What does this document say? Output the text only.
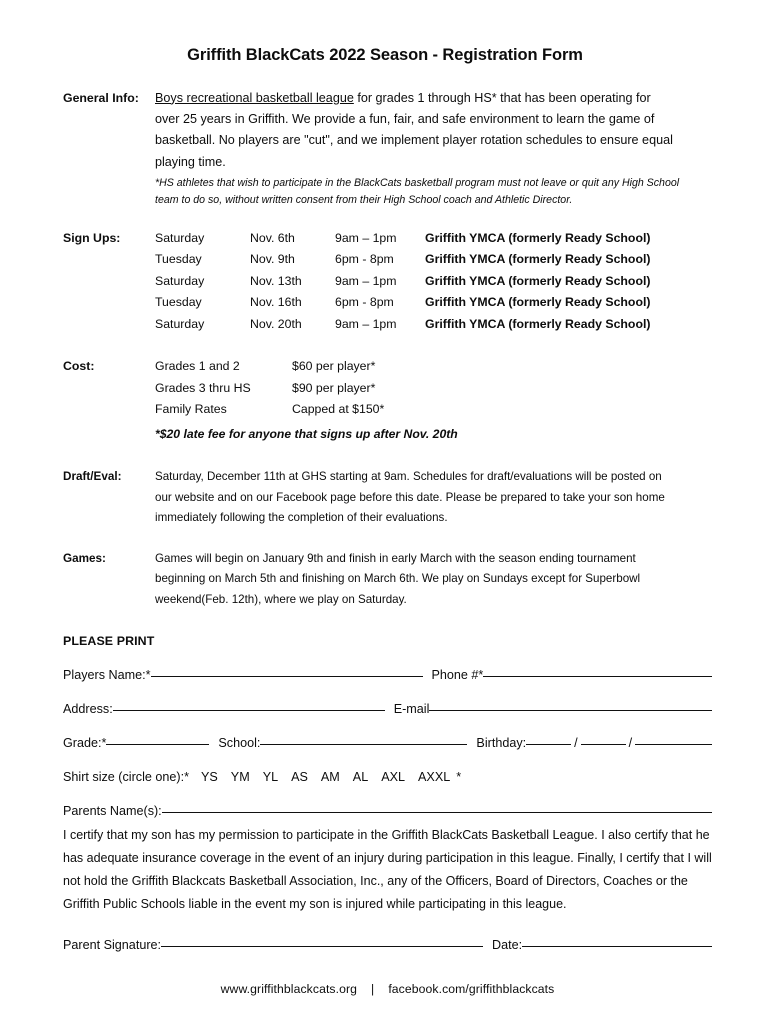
Griffith BlackCats 2022 Season - Registration Form
General Info:	Boys recreational basketball league for grades 1 through HS* that has been operating for over 25 years in Griffith. We provide a fun, fair, and safe environment to learn the game of basketball. No players are "cut", and we implement player rotation schedules to ensure equal playing time.

*HS athletes that wish to participate in the BlackCats basketball program must not leave or quit any High School team to do so, without written consent from their High School coach and Athletic Director.

Sign Ups:	Saturday	Nov. 6th	9am – 1pm	Griffith YMCA (formerly Ready School)
Tuesday	Nov. 9th	6pm - 8pm	Griffith YMCA (formerly Ready School)
Saturday	Nov. 13th	9am – 1pm	Griffith YMCA (formerly Ready School)
Tuesday	Nov. 16th	6pm - 8pm	Griffith YMCA (formerly Ready School)
Saturday	Nov. 20th	9am – 1pm	Griffith YMCA (formerly Ready School)
Cost:	Grades 1 and 2	$60 per player*
Grades 3 thru HS	$90 per player*
Family Rates	Capped at $150*
*$20 late fee for anyone that signs up after Nov. 20th
Draft/Eval:	Saturday, December 11th at GHS starting at 9am. Schedules for draft/evaluations will be posted on our website and on our Facebook page before this date. Please be prepared to take your son home immediately following the completion of their evaluations.

Games:	Games will begin on January 9th and finish in early March with the season ending tournament beginning on March 5th and finishing on March 6th. We play on Sundays except for Superbowl weekend(Feb. 12th), where we play on Saturday.

PLEASE PRINT
Players Name:*	Phone #*
Address:	E-mail
Grade:*	School:	Birthday:	/	/
Shirt size (circle one):* YS YM YL AS AM AL AXL AXXL *
Parents Name(s):

I certify that my son has my permission to participate in the Griffith BlackCats Basketball League. I also certify that he has adequate insurance coverage in the event of an injury during participation in this league. Finally, I certify that I will not hold the Griffith Blackcats Basketball Association, Inc., any of the Officers, Board of Directors, Coaches or the Griffith Public Schools liable in the event my son is injured while participating in this league.

Parent Signature:	Date:
www.griffithblackcats.org | facebook.com/griffithblackcats
